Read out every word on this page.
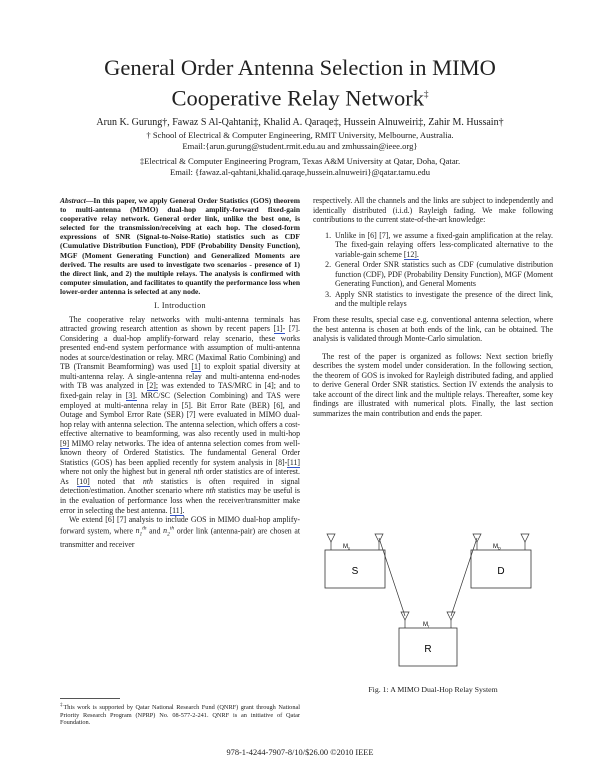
General Order Antenna Selection in MIMO
Cooperative Relay Network‡
Arun K. Gurung†, Fawaz S Al-Qahtani‡, Khalid A. Qaraqe‡, Hussein Alnuweiri‡, Zahir M. Hussain†
† School of Electrical & Computer Engineering, RMIT University, Melbourne, Australia.
Email:{arun.gurung@student.rmit.edu.au and zmhussain@ieee.org}
‡Electrical & Computer Engineering Program, Texas A&M University at Qatar, Doha, Qatar.
Email: {fawaz.al-qahtani,khalid.qaraqe,hussein.alnuweiri}@qatar.tamu.edu

Abstract—In this paper, we apply General Order Statistics (GOS) theorem to multi-antenna (MIMO) dual-hop amplify-forward fixed-gain cooperative relay network. General order link, unlike the best one, is selected for the transmission/receiving at each hop. The closed-form expressions of SNR (Signal-to-Noise-Ratio) statistics such as CDF (Cumulative Distribution Function), PDF (Probability Density Function), MGF (Moment Generating Function) and Generalized Moments are derived. The results are used to investigate two scenarios - presence of 1) the direct link, and 2) the multiple relays. The analysis is confirmed with computer simulation, and facilitates to quantify the performance loss when lower-order antenna is selected at any node.

I. Introduction

The cooperative relay networks with multi-antenna terminals has attracted growing research attention as shown by recent papers [1]- [7]. Considering a dual-hop amplify-forward relay scenario, these works presented end-end system performance with assumption of multi-antenna nodes at source/destination or relay. MRC (Maximal Ratio Combining) and TB (Transmit Beamforming) was used [1] to exploit spatial diversity at multi-antenna relay. A single-antenna relay and multi-antenna end-nodes with TB was analyzed in [2]; was extended to TAS/MRC in [4]; and to fixed-gain relay in [3]. MRC/SC (Selection Combining) and TAS were employed at multi-antenna relay in [5]. Bit Error Rate (BER) [6], and Outage and Symbol Error Rate (SER) [7] were evaluated in MIMO dual-hop relay with antenna selection. The antenna selection, which offers a cost-effective alternative to beamforming, was also recently used in multi-hop [9] MIMO relay networks. The idea of antenna selection comes from well-known theory of Ordered Statistics. The fundamental General Order Statistics (GOS) has been applied recently for system analysis in [8]-[11] where not only the highest but in general nth order statistics are of interest. As [10] noted that nth statistics is often required in signal detection/estimation. Another scenario where nth statistics may be useful is in the evaluation of performance loss when the receiver/transmitter make error in selecting the best antenna. [11].

We extend [6] [7] analysis to include GOS in MIMO dual-hop amplify-forward system, where $n_1^{th}$ and $n_2^{th}$ order link (antenna-pair) are chosen at transmitter and receiver

‡This work is supported by Qatar National Research Fund (QNRF) grant through National Priority Research Program (NPRP) No. 08-577-2-241. QNRF is an initiative of Qatar Foundation.

respectively. All the channels and the links are subject to independently and identically distributed (i.i.d.) Rayleigh fading. We make following contributions to the current state-of-the-art knowledge:

1. Unlike in [6] [7], we assume a fixed-gain amplification at the relay. The fixed-gain relaying offers less-complicated alternative to the variable-gain scheme [12].
2. General Order SNR statistics such as CDF (cumulative distribution function (CDF), PDF (Probability Density Function), MGF (Moment Generating Function), and General Moments
3. Apply SNR statistics to investigate the presence of the direct link, and the multiple relays

From these results, special case e.g. conventional antenna selection, where the best antenna is chosen at both ends of the link, can be obtained. The analysis is validated through Monte-Carlo simulation.

The rest of the paper is organized as follows: Next section briefly describes the system model under consideration. In the following section, the theorem of GOS is invoked for Rayleigh distributed fading, and applied to derive General Order SNR statistics. Section IV extends the analysis to take account of the direct link and the multiple relays. Thereafter, some key findings are illustrated with numerical plots. Finally, the last section summarizes the main contribution and ends the paper.

S
$M_s$
D
$M_D$
R
$M_r$
Fig. 1: A MIMO Dual-Hop Relay System
978-1-4244-7907-8/10/$26.00 ©2010 IEEE
